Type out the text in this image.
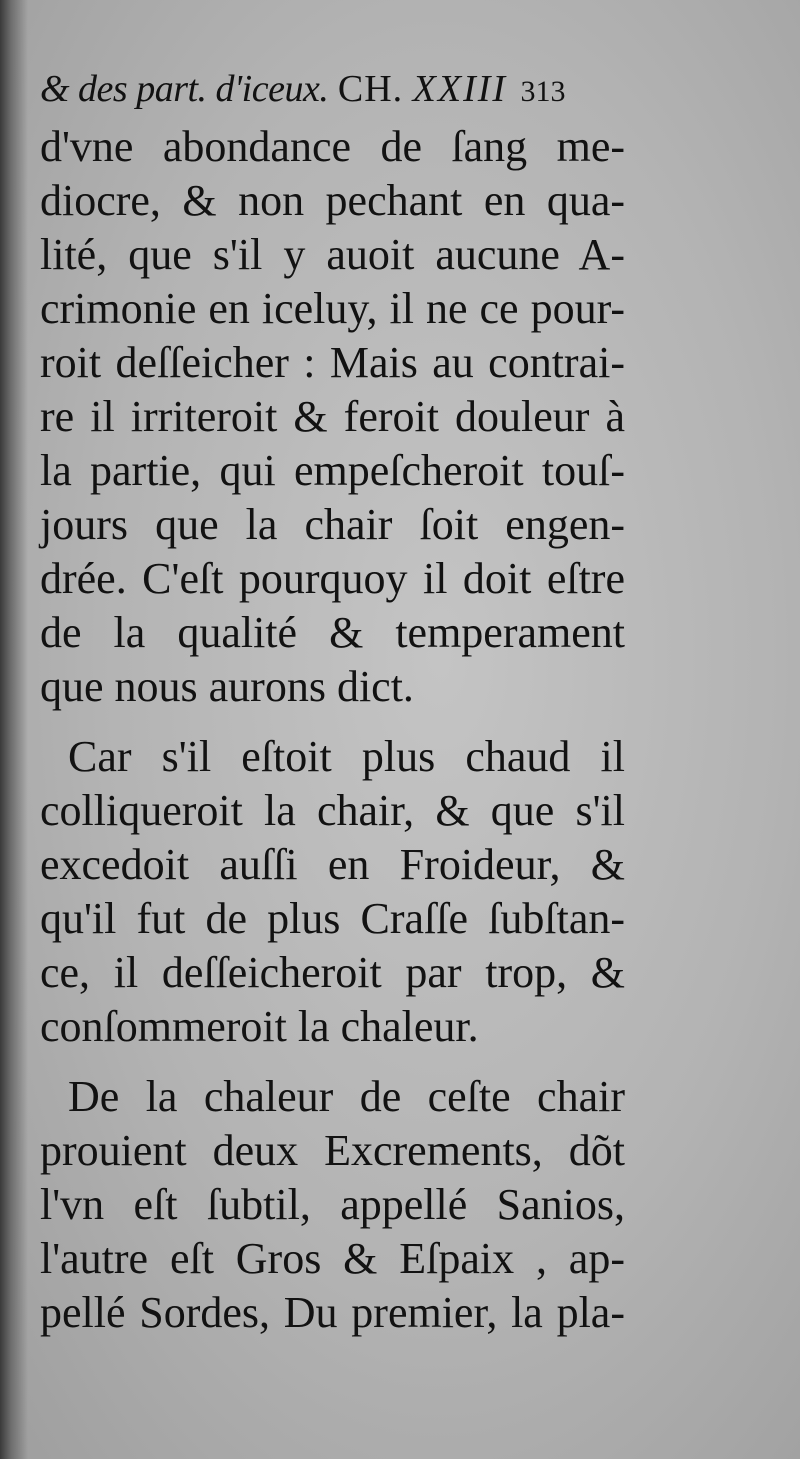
& des part. d'iceux. CH. XXIII 313
d'vne abondance de ſang me-
diocre, & non pechant en qua-
lité, que s'il y auoit aucune A-
crimonie en iceluy, il ne ce pour-
roit deſſeicher : Mais au contrai-
re il irriteroit & feroit douleur à
la partie, qui empeſcheroit touſ-
jours que la chair ſoit engen-
drée. C'eſt pourquoy il doit eſtre
de la qualité & temperament
que nous aurons dict.
Car s'il eſtoit plus chaud il
colliqueroit la chair, & que s'il
excedoit auſſi en Froideur, &
qu'il fut de plus Craſſe ſubſtan-
ce, il deſſeicheroit par trop, &
conſommeroit la chaleur.
De la chaleur de ceſte chair
prouient deux Excrements, dõt
l'vn eſt ſubtil, appellé Sanios,
l'autre eſt Gros & Eſpaix , ap-
pellé Sordes, Du premier, la pla-
